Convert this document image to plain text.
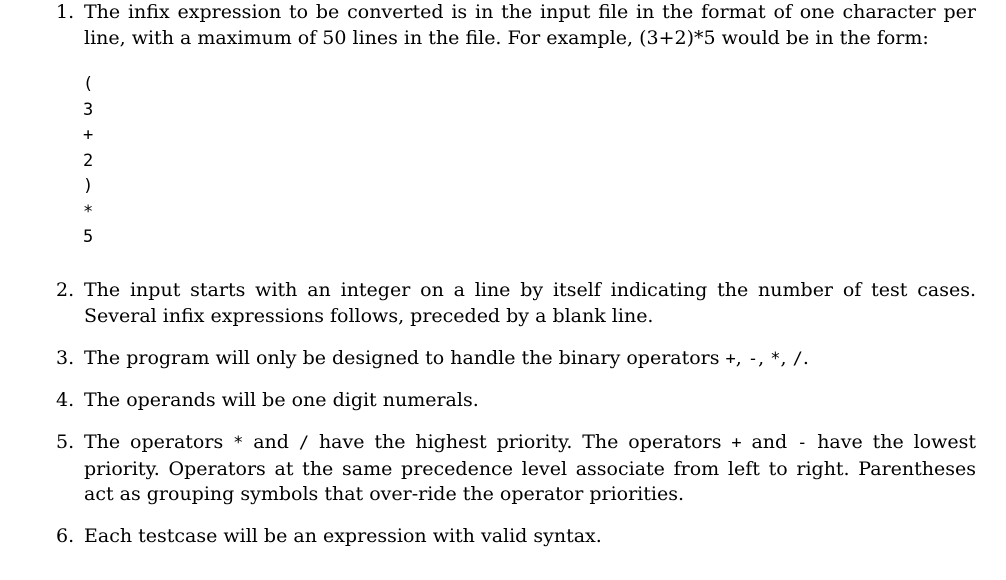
1. The infix expression to be converted is in the input file in the format of one character per line, with a maximum of 50 lines in the file. For example, (3+2)*5 would be in the form:
(
3
+
2
)
*
5
2. The input starts with an integer on a line by itself indicating the number of test cases. Several infix expressions follows, preceded by a blank line.
3. The program will only be designed to handle the binary operators +, -, *, /.
4. The operands will be one digit numerals.
5. The operators * and / have the highest priority. The operators + and - have the lowest priority. Operators at the same precedence level associate from left to right. Parentheses act as grouping symbols that over-ride the operator priorities.
6. Each testcase will be an expression with valid syntax.
